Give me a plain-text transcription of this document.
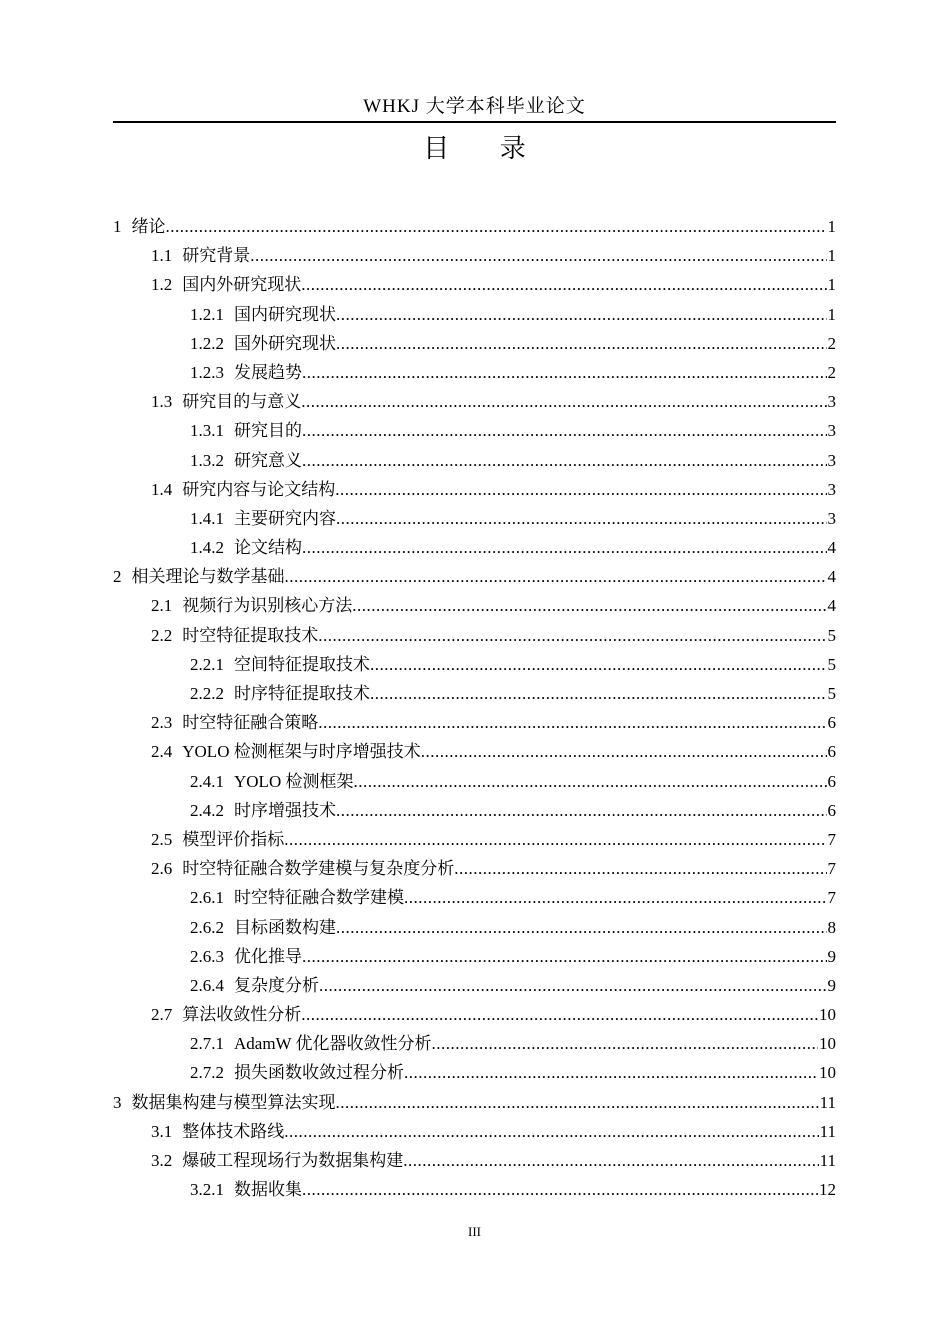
WHKJ 大学本科毕业论文
目 录
1 绪论 .....	1
1.1 研究背景 .....	1
1.2 国内外研究现状 .....	1
1.2.1 国内研究现状 .....	1
1.2.2 国外研究现状 .....	2
1.2.3 发展趋势 .....	2
1.3 研究目的与意义 .....	3
1.3.1 研究目的 .....	3
1.3.2 研究意义 .....	3
1.4 研究内容与论文结构 .....	3
1.4.1 主要研究内容 .....	3
1.4.2 论文结构 .....	4
2 相关理论与数学基础 .....	4
2.1 视频行为识别核心方法 .....	4
2.2 时空特征提取技术 .....	5
2.2.1 空间特征提取技术 .....	5
2.2.2 时序特征提取技术 .....	5
2.3 时空特征融合策略 .....	6
2.4 YOLO 检测框架与时序增强技术 .....	6
2.4.1 YOLO 检测框架 .....	6
2.4.2 时序增强技术 .....	6
2.5 模型评价指标 .....	7
2.6 时空特征融合数学建模与复杂度分析 .....	7
2.6.1 时空特征融合数学建模 .....	7
2.6.2 目标函数构建 .....	8
2.6.3 优化推导 .....	9
2.6.4 复杂度分析 .....	9
2.7 算法收敛性分析 .....	10
2.7.1 AdamW 优化器收敛性分析 .....	10
2.7.2 损失函数收敛过程分析 .....	10
3 数据集构建与模型算法实现 .....	11
3.1 整体技术路线 .....	11
3.2 爆破工程现场行为数据集构建 .....	11
3.2.1 数据收集 .....	12
III
